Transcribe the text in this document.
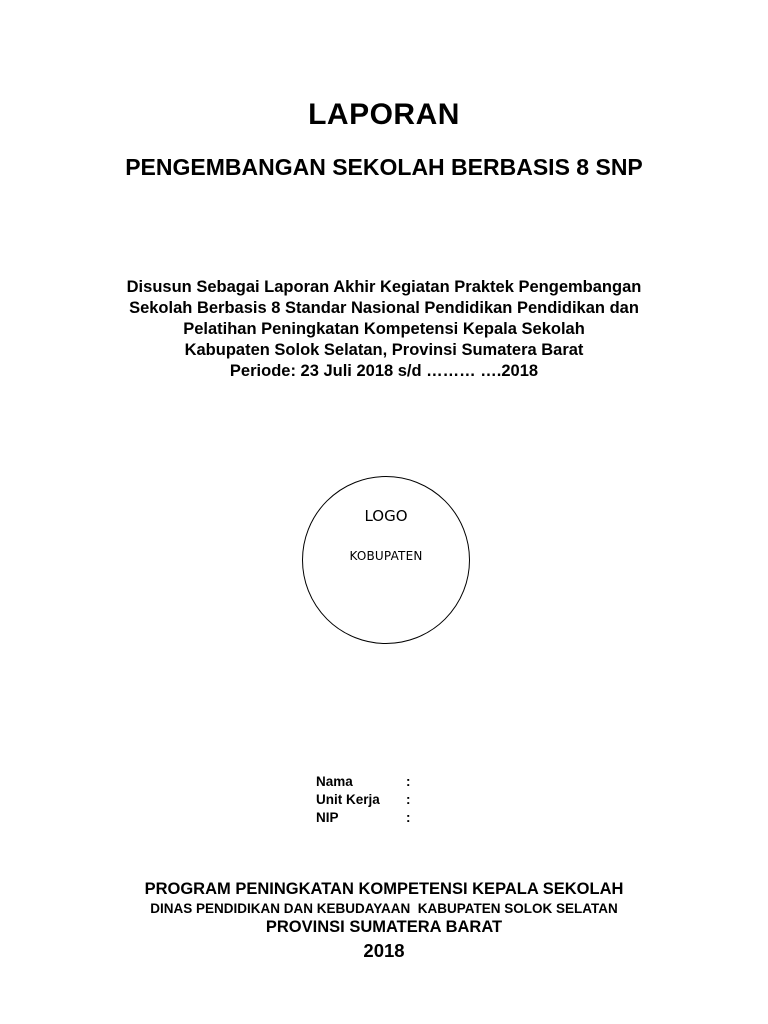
LAPORAN
PENGEMBANGAN SEKOLAH BERBASIS 8 SNP
Disusun Sebagai Laporan Akhir Kegiatan Praktek Pengembangan
Sekolah Berbasis 8 Standar Nasional Pendidikan Pendidikan dan
Pelatihan Peningkatan Kompetensi Kepala Sekolah
Kabupaten Solok Selatan, Provinsi Sumatera Barat
Periode: 23 Juli 2018 s/d ……… ….2018
LOGO
KOBUPATEN
Nama	:
Unit Kerja	:
NIP	:
PROGRAM PENINGKATAN KOMPETENSI KEPALA SEKOLAH
DINAS PENDIDIKAN DAN KEBUDAYAAN  KABUPATEN SOLOK SELATAN
PROVINSI SUMATERA BARAT
2018
